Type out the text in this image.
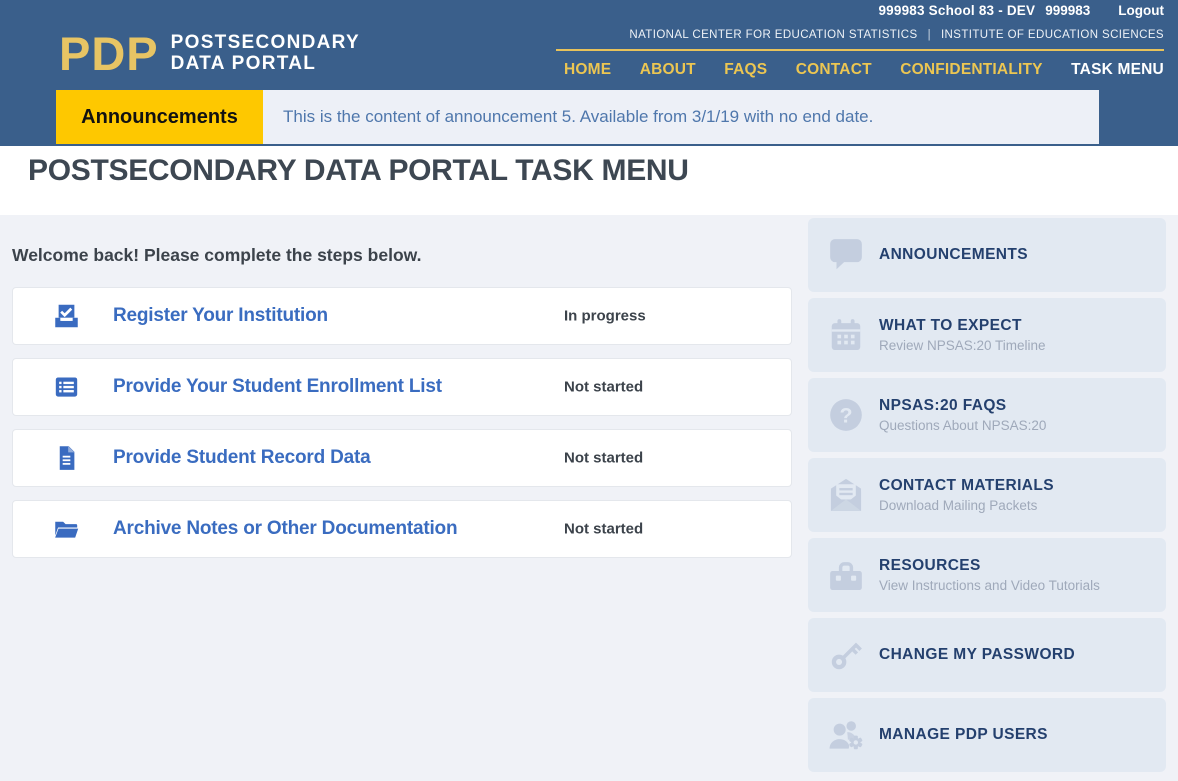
999983 School 83 - DEV 999983 Logout
PDP POSTSECONDARY
DATA PORTAL
NATIONAL CENTER FOR EDUCATION STATISTICS | INSTITUTE OF EDUCATION SCIENCES
HOME ABOUT FAQS CONTACT CONFIDENTIALITY TASK MENU
Announcements	This is the content of announcement 5. Available from 3/1/19 with no end date.
POSTSECONDARY DATA PORTAL TASK MENU
Welcome back! Please complete the steps below.
Register Your Institution	In progress
Provide Your Student Enrollment List	Not started
Provide Student Record Data	Not started
Archive Notes or Other Documentation	Not started
ANNOUNCEMENTS
WHAT TO EXPECT
Review NPSAS:20 Timeline
? NPSAS:20 FAQS
Questions About NPSAS:20
CONTACT MATERIALS
Download Mailing Packets
RESOURCES
View Instructions and Video Tutorials
CHANGE MY PASSWORD
MANAGE PDP USERS
